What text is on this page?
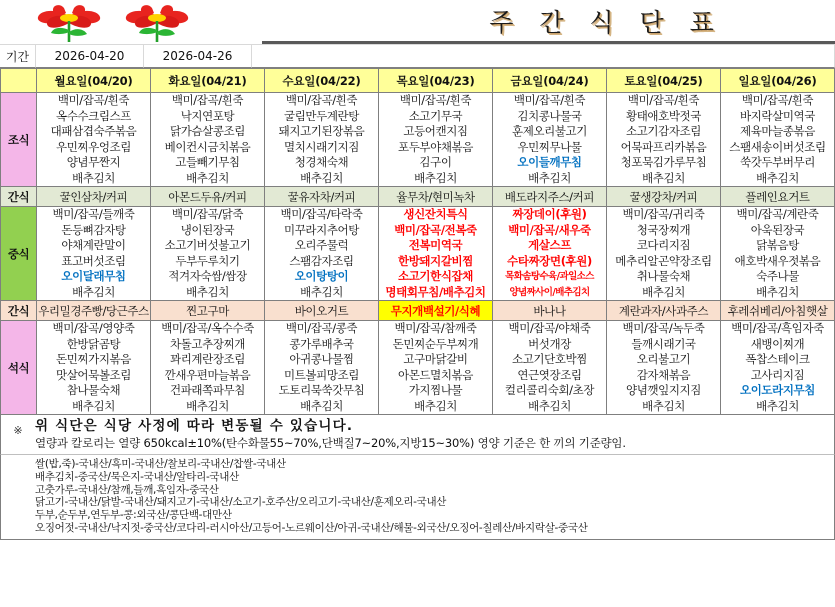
주 간 식 단 표
기간	2026-04-20	2026-04-26
	월요일(04/20)	화요일(04/21)	수요일(04/22)	목요일(04/23)	금요일(04/24)	토요일(04/25)	일요일(04/26)
조식	
백미/잡곡/흰죽
옥수수크림스프
대패삼겹숙주볶음
우민찌우엉조림
양념무짠지
배추김치

백미/잡곡/흰죽
낙지연포탕
닭가슴살콩조림
베이컨시금치볶음
고들빼기무침
배추김치

백미/잡곡/흰죽
굴림만두계란탕
돼지고기된장볶음
멸치시래기지짐
청경채숙채
배추김치

백미/잡곡/흰죽
소고기무국
고등어캔지짐
포두부야채볶음
김구이
배추김치

백미/잡곡/흰죽
김치콩나물국
훈제오리불고기
우민찌무나물
오이들깨무침
배추김치

백미/잡곡/흰죽
황태애호박젓국
소고기감자조림
어묵파프리카볶음
청포묵김가루무침
배추김치

백미/잡곡/흰죽
바지락살미역국
제육마늘종볶음
스팸새송이버섯조림
쑥갓두부버무리
배추김치

간식	꿀인삼차/커피	아몬드두유/커피	꿀유자차/커피	율무차/현미녹차	배도라지주스/커피	꿀생강차/커피	플레인요거트
중식	
백미/잡곡/들깨죽
돈등뼈감자탕
야채계란말이
표고버섯조림
오이달래무침
배추김치

백미/잡곡/닭죽
냉이된장국
소고기버섯불고기
두부두루치기
적겨자숙쌈/쌈장
배추김치

백미/잡곡/타락죽
미꾸라지추어탕
오리주물럭
스팸감자조림
오이탕탕이
배추김치

생신잔치특식
백미/잡곡/전복죽
전복미역국
한방돼지갈비찜
소고기한식잡채
명태회무침/배추김치

짜장데이(후원)
백미/잡곡/새우죽
게살스프
수타짜장면(후원)
목화솜탕수육/과일소스
양념짜사이/배추김치

백미/잡곡/귀리죽
청국장찌개
코다리지짐
메추리알곤약장조림
취나물숙채
배추김치

백미/잡곡/계란죽
아욱된장국
닭볶음탕
애호박새우젓볶음
숙주나물
배추김치

간식	우리밀경주빵/당근주스	찐고구마	바이오거트	무지개백설기/식혜	바나나	계란과자/사과주스	후레쉬베리/아침햇살
석식	
백미/잡곡/영양죽
한방닭곰탕
돈민찌가지볶음
맛살어묵볼조림
참나물숙채
배추김치

백미/잡곡/옥수수죽
차돌고추장찌개
꽈리계란장조림
깐새우편마늘볶음
건파래쪽파무침
배추김치

백미/잡곡/콩죽
콩가루배추국
아귀콩나물찜
미트볼피망조림
도토리묵쑥갓무침
배추김치

백미/잡곡/참깨죽
돈민찌순두부찌개
고구마닭갈비
아몬드멸치볶음
가지찜나물
배추김치

백미/잡곡/야채죽
버섯개장
소고기단호박찜
연근엿장조림
컬리콜리숙회/초장
배추김치

백미/잡곡/녹두죽
들깨시래기국
오리불고기
감자채볶음
양념깻잎지지짐
배추김치

백미/잡곡/흑임자죽
새뱅이찌개
폭찹스테이크
고사리지짐
오이도라지무침
배추김치
※ 위 식단은 식당 사정에 따라 변동될 수 있습니다.
열량과 칼로리는 열량 650kcal±10%(탄수화물55~70%,단백질7~20%,지방15~30%) 영양 기준은 한 끼의 기준량임.
쌀(밥,죽)-국내산/흑미-국내산/찰보리-국내산/찹쌀-국내산
배추김치-중국산/묵은지-국내산/알타리-국내산
고춧가루-국내산/참깨,들깨,흑임자-중국산
닭고기-국내산/닭발-국내산/돼지고기-국내산/소고기-호주산/오리고기-국내산/훈제오리-국내산
두부,순두부,연두부-콩:외국산/콩단백-대만산
오징어젓-국내산/낙지젓-중국산/코다리-러시아산/고등어-노르웨이산/아귀-국내산/해물-외국산/오징어-칠레산/바지락살-중국산
